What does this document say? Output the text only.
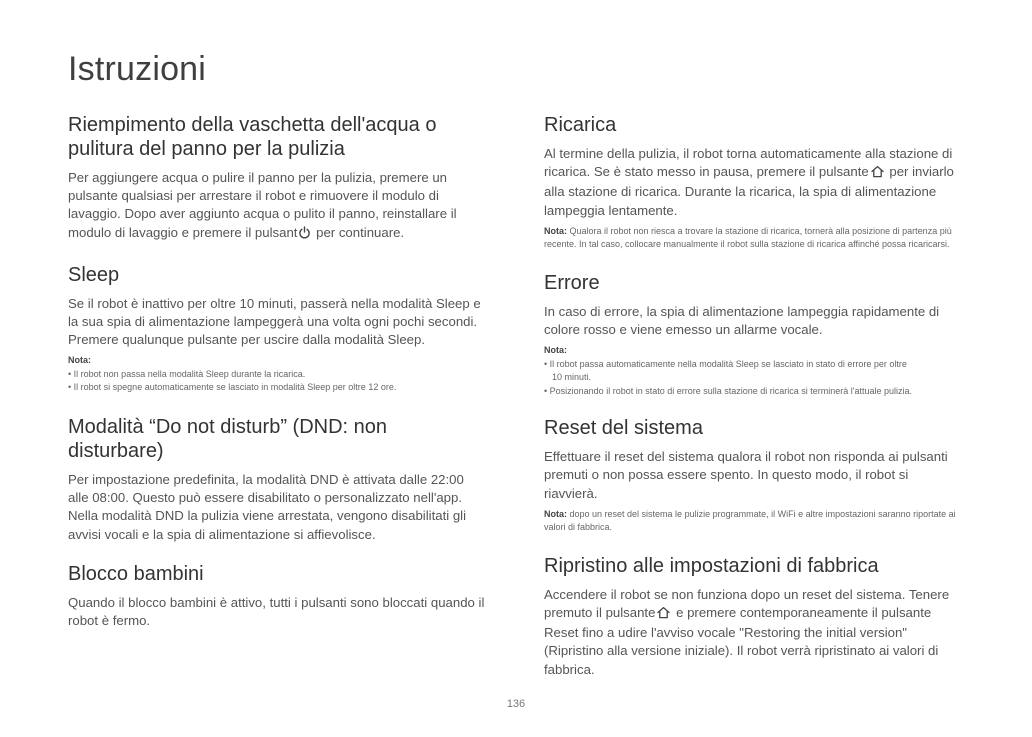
Istruzioni
Riempimento della vaschetta dell'acqua o pulitura del panno per la pulizia

Per aggiungere acqua o pulire il panno per la pulizia, premere un pulsante qualsiasi per arrestare il robot e rimuovere il modulo di lavaggio. Dopo aver aggiunto acqua o pulito il panno, reinstallare il modulo di lavaggio e premere il pulsant per continuare.

Sleep

Se il robot è inattivo per oltre 10 minuti, passerà nella modalità Sleep e la sua spia di alimentazione lampeggerà una volta ogni pochi secondi. Premere qualunque pulsante per uscire dalla modalità Sleep.

Nota:
• Il robot non passa nella modalità Sleep durante la ricarica.
• Il robot si spegne automaticamente se lasciato in modalità Sleep per oltre 12 ore.

Modalità “Do not disturb” (DND: non disturbare)

Per impostazione predefinita, la modalità DND è attivata dalle 22:00 alle 08:00. Questo può essere disabilitato o personalizzato nell'app. Nella modalità DND la pulizia viene arrestata, vengono disabilitati gli avvisi vocali e la spia di alimentazione si affievolisce.

Blocco bambini

Quando il blocco bambini è attivo, tutti i pulsanti sono bloccati quando il robot è fermo.

Ricarica

Al termine della pulizia, il robot torna automaticamente alla stazione di ricarica. Se è stato messo in pausa, premere il pulsante per inviarlo alla stazione di ricarica. Durante la ricarica, la spia di alimentazione lampeggia lentamente.

Nota: Qualora il robot non riesca a trovare la stazione di ricarica, tornerà alla posizione di partenza più recente. In tal caso, collocare manualmente il robot sulla stazione di ricarica affinché possa ricaricarsi.

Errore

In caso di errore, la spia di alimentazione lampeggia rapidamente di colore rosso e viene emesso un allarme vocale.

Nota:
• Il robot passa automaticamente nella modalità Sleep se lasciato in stato di errore per oltre
10 minuti.
• Posizionando il robot in stato di errore sulla stazione di ricarica si terminerà l'attuale pulizia.

Reset del sistema

Effettuare il reset del sistema qualora il robot non risponda ai pulsanti premuti o non possa essere spento. In questo modo, il robot si riavvierà.

Nota: dopo un reset del sistema le pulizie programmate, il WiFi e altre impostazioni saranno riportate ai valori di fabbrica.

Ripristino alle impostazioni di fabbrica

Accendere il robot se non funziona dopo un reset del sistema. Tenere premuto il pulsante e premere contemporaneamente il pulsante Reset fino a udire l'avviso vocale "Restoring the initial version" (Ripristino alla versione iniziale). Il robot verrà ripristinato ai valori di fabbrica.

136
